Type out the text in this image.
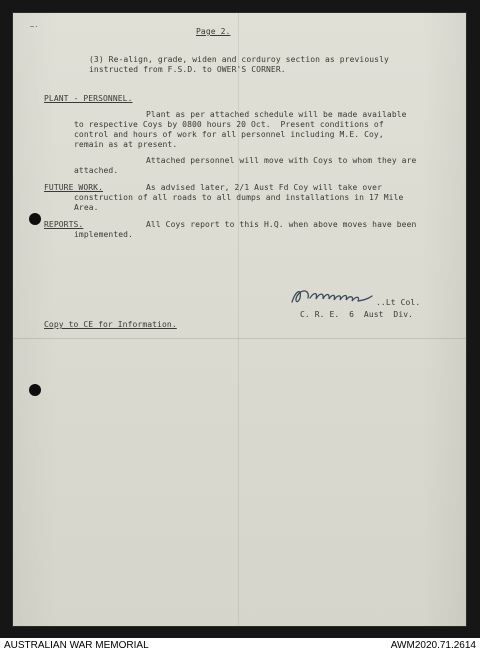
~·	Page 2.

(3) Re-align, grade, widen and corduroy section as previously

instructed from F.S.D. to OWER'S CORNER.

PLANT - PERSONNEL.

Plant as per attached schedule will be made available

to respective Coys by 0800 hours 20 Oct.  Present conditions of

control and hours of work for all personnel including M.E. Coy,

remain as at present.

Attached personnel will move with Coys to whom they are

attached.

FUTURE WORK.	As advised later, 2/1 Aust Fd Coy will take over

construction of all roads to all dumps and installations in 17 Mile

Area.

REPORTS.	All Coys report to this H.Q. when above moves have been

implemented.

..Lt Col.

C. R. E.  6  Aust  Div.

Copy to CE for Information.

AUSTRALIAN WAR MEMORIAL	AWM2020.71.2614
